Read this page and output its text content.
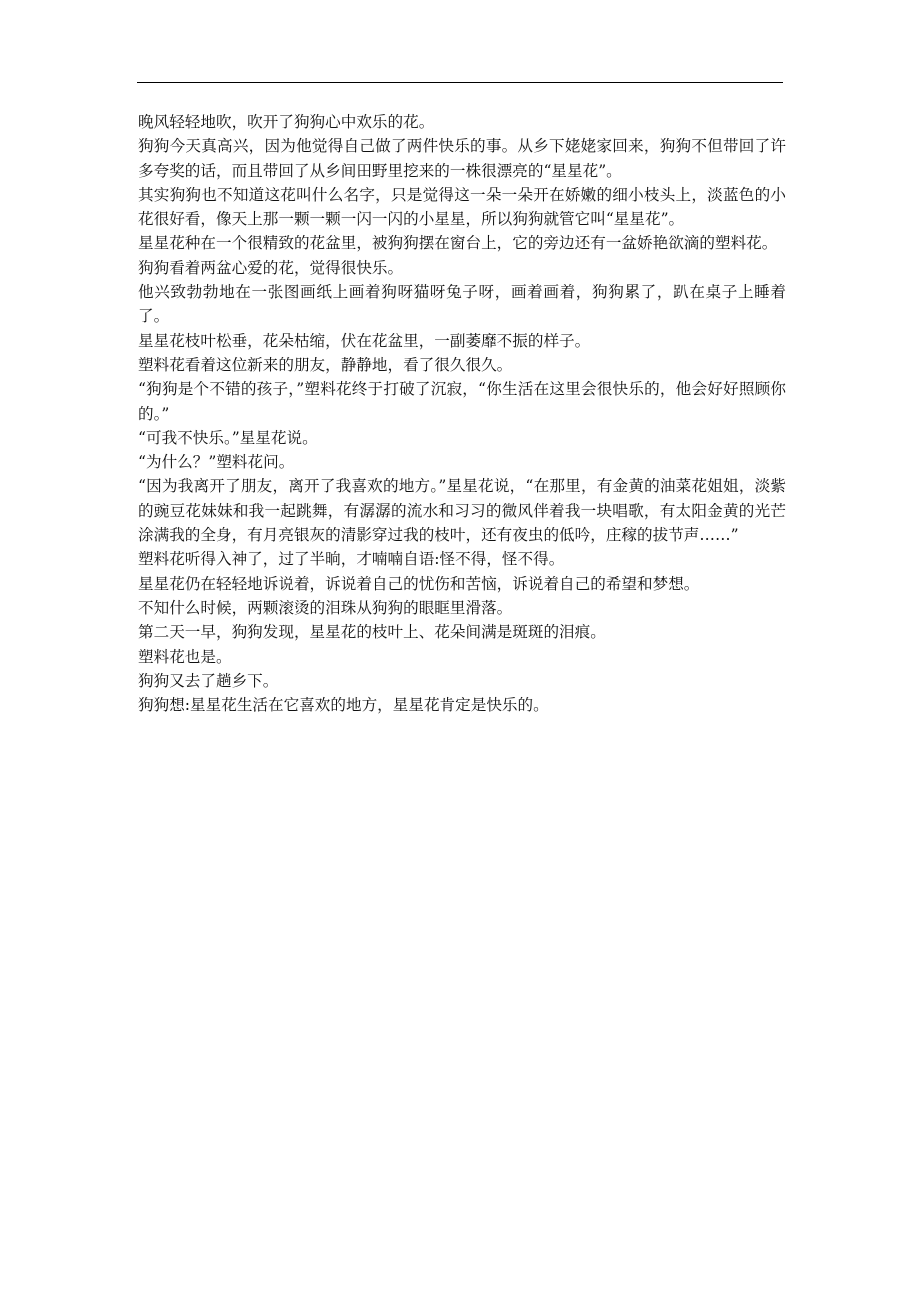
晚风轻轻地吹，吹开了狗狗心中欢乐的花。

狗狗今天真高兴，因为他觉得自己做了两件快乐的事。从乡下姥姥家回来，狗狗不但带回了许多夸奖的话，而且带回了从乡间田野里挖来的一株很漂亮的“星星花”。

其实狗狗也不知道这花叫什么名字，只是觉得这一朵一朵开在娇嫩的细小枝头上，淡蓝色的小花很好看，像天上那一颗一颗一闪一闪的小星星，所以狗狗就管它叫“星星花”。

星星花种在一个很精致的花盆里，被狗狗摆在窗台上，它的旁边还有一盆娇艳欲滴的塑料花。

狗狗看着两盆心爱的花，觉得很快乐。

他兴致勃勃地在一张图画纸上画着狗呀猫呀兔子呀，画着画着，狗狗累了，趴在桌子上睡着了。

星星花枝叶松垂，花朵枯缩，伏在花盆里，一副萎靡不振的样子。

塑料花看着这位新来的朋友，静静地，看了很久很久。

“狗狗是个不错的孩子，”塑料花终于打破了沉寂，“你生活在这里会很快乐的，他会好好照顾你的。”

“可我不快乐。”星星花说。

“为什么？”塑料花问。

“因为我离开了朋友，离开了我喜欢的地方。”星星花说，“在那里，有金黄的油菜花姐姐，淡紫的豌豆花妹妹和我一起跳舞，有潺潺的流水和习习的微风伴着我一块唱歌，有太阳金黄的光芒涂满我的全身，有月亮银灰的清影穿过我的枝叶，还有夜虫的低吟，庄稼的拔节声……”

塑料花听得入神了，过了半晌，才喃喃自语:怪不得，怪不得。

星星花仍在轻轻地诉说着，诉说着自己的忧伤和苦恼，诉说着自己的希望和梦想。

不知什么时候，两颗滚烫的泪珠从狗狗的眼眶里滑落。

第二天一早，狗狗发现，星星花的枝叶上、花朵间满是斑斑的泪痕。

塑料花也是。

狗狗又去了趟乡下。

狗狗想:星星花生活在它喜欢的地方，星星花肯定是快乐的。
